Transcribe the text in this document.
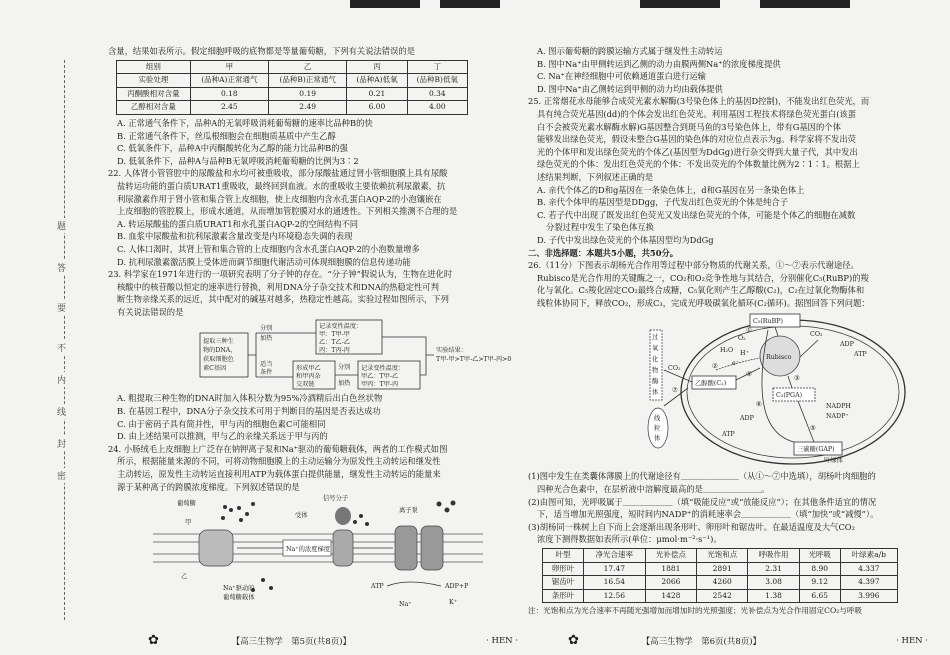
题
答
要
不
内
线
封
密

含量，结果如表所示。假定细胞呼吸的底物都是等量葡萄糖，下列有关说法错误的是

组别	甲	乙	丙	丁
实验处理	(品种A)正常通气	(品种B)正常通气	(品种A)低氧	(品种B)低氧
丙酮酸相对含量	0.18	0.19	0.21	0.34
乙醇相对含量	2.45	2.49	6.00	4.00

A. 正常通气条件下，品种A的无氧呼吸消耗葡萄糖的速率比品种B的快

B. 正常通气条件下，丝瓜根细胞会在细胞质基质中产生乙醇

C. 低氧条件下，品种A中丙酮酸转化为乙醇的能力比品种B的强

D. 低氧条件下，品种A与品种B无氧呼吸消耗葡萄糖的比例为3∶2

22. 人体肾小管管腔中的尿酸盐和水均可被重吸收，部分尿酸盐通过肾小管细胞膜上具有尿酸

盐转运功能的蛋白质URAT1重吸收，最终回到血液。水的重吸收主要依赖抗利尿激素，抗

利尿激素作用于肾小管和集合管上皮细胞，使上皮细胞内含水孔蛋白AQP-2的小泡镶嵌在

上皮细胞的管腔膜上，形成水通道，从而增加管腔膜对水的通透性。下列相关推测不合理的是

A. 转运尿酸盐的蛋白质URAT1和水孔蛋白AQP-2的空间结构不同

B. 血浆中尿酸盐和抗利尿激素含量改变是内环境稳态失调的表现

C. 人体口渴时，其肾上管和集合管的上皮细胞内含水孔蛋白AQP-2的小泡数量增多

D. 抗利尿激素激活膜上受体进而调节细胞代谢活动可体现细胞膜的信息传递功能

23. 科学家在1971年进行的一项研究表明了分子钟的存在。“分子钟”假说认为，生物在进化时

核酸中的核苷酸以恒定的速率进行替换，利用DNA分子杂交技术和DNA的热稳定性可判

断生物亲缘关系的远近，其中配对的碱基对越多，热稳定性越高。实验过程如图所示，下列

有关说法错误的是

提取三种生
物的DNA，
获取细胞色
素C基因
分别
加热
适当
条件
记录变性温度：
甲：T甲-甲
乙：T乙-乙
丙：T丙-丙
形成甲乙
和甲丙杂
交双链
分别
加热
记录变性温度：
甲乙：T甲-乙
甲丙：T甲-丙
实验结果：
T甲-甲>T甲-乙>T甲-丙>0

A. 粗提取三种生物的DNA时加入体积分数为95%冷酒精后出白色丝状物

B. 在基因工程中，DNA分子杂交技术可用于判断目的基因是否表达成功

C. 由于密码子具有简并性，甲与丙的细胞色素C可能相同

D. 由上述结果可以推测，甲与乙的亲缘关系远于甲与丙的

24. 小肠绒毛上皮细胞上广泛存在钠钾离子泵和Na⁺驱动的葡萄糖载体，两者的工作模式如图

所示，根据能量来源的不同，可将动物细胞膜上的主动运输分为原发性主动转运和继发性

主动转运，原发性主动转运直接利用ATP为载体蛋白提供能量，继发性主动转运的能量来

源于某种离子的跨膜浓度梯度。下列叙述错误的是

葡萄糖
甲
信号分子
受体
Na⁺的浓度梯度
离子泵
乙
Na⁺驱动的
葡萄糖载体
ATP	ADP+P
Na⁺	K⁺
✿	【高三生物学　第5页(共8页)】	· HEN ·

A. 图示葡萄糖的跨膜运输方式属于继发性主动转运

B. 图中Na⁺由甲侧转运到乙侧的动力由膜两侧Na⁺的浓度梯度提供

C. Na⁺在神经细胞中可依赖通道蛋白进行运输

D. 图中Na⁺由乙侧转运到甲侧的动力均由载体提供

25. 正常烟花水母能够合成荧光素水解酶(3号染色体上的基因D控制)，不能发出红色荧光，而

具有纯合荧光基因(dd)的个体会发出红色荧光。利用基因工程技术将绿色荧光蛋白(该蛋

白不会被荧光素水解酶水解)G基因整合到斑马鱼的3号染色体上，带有G基因的个体

能够发出绿色荧光，假设未整合G基因的染色体的对应位点表示为g。科学家将不发出荧

光的个体甲和发出绿色荧光的个体乙(基因型为DdGg)进行杂交得到大量子代，其中发出

绿色荧光的个体：发出红色荧光的个体：不发出荧光的个体数量比例为2∶1∶1。根据上

述结果判断，下列叙述正确的是

A. 亲代个体乙的D和g基因在一条染色体上，d和G基因在另一条染色体上

B. 亲代个体甲的基因型是DDgg，子代发出红色荧光的个体是纯合子

C. 若子代中出现了既发出红色荧光又发出绿色荧光的个体，可能是个体乙的细胞在减数

分裂过程中发生了染色体互换

D. 子代中发出绿色荧光的个体基因型均为DdGg

二、非选择题：本题共5小题，共50分。

26.（11分）下图表示胡杨光合作用等过程中部分物质的代谢关系，①～⑦表示代谢途径。

Rubisco是光合作用的关键酶之一，CO₂和O₂竞争性地与其结合，分别催化C₅(RuBP)的羧

化与氧化。C₅羧化固定CO₂最终合成糖，C₅氧化则产生乙醇酸(C₂)，C₂在过氧化物酶体和

线粒体协同下，释放CO₂，形成C₃，完成光呼吸碳氧化循环(C₂循环)。据图回答下列问题：

叶绿体
C₅(RuBP)
Rubisco
C₃(PGA)
乙醇酸(C₂)
三碳糖(GAP)
H₂O
O₂
H⁺
e⁻
CO₂
ADP
ATP
NADPH
NADP⁺
ADP
ATP
CO₂
过
氧
化
物
酶
体
线
粒
体
①
②
③
④
⑤
⑥
⑦

(1)图中发生在类囊体薄膜上的代谢途径有＿＿＿＿＿＿＿（从①～⑦中选填），胡杨叶肉细胞的

四种光合色素中，在层析液中溶解度最高的是＿＿＿＿＿＿＿。

(2)由图可知，光呼吸属于＿＿＿＿＿＿（填“吸能反应”或“放能反应”）；在其他条件适宜的情况

下，适当增加光照强度，短时间内NADP⁺的消耗速率会＿＿＿＿＿＿（填“加快”或“减慢”）。

(3)胡杨同一株树上自下而上会逐渐出现条形叶、卵形叶和锯齿叶。在最适温度及大气CO₂

浓度下测得数据如表所示(单位：μmol·m⁻²·s⁻¹)。

叶型	净光合速率	光补偿点	光饱和点	呼吸作用	光呼吸	叶绿素a/b
卵形叶	17.47	1881	2891	2.31	8.90	4.337
锯齿叶	16.54	2066	4260	3.08	9.12	4.397
条形叶	12.56	1428	2542	1.38	6.65	3.996

注：光饱和点为光合速率不再随光强增加而增加时的光照强度；光补偿点为光合作用固定CO₂与呼吸

✿	【高三生物学　第6页(共8页)】	· HEN ·
